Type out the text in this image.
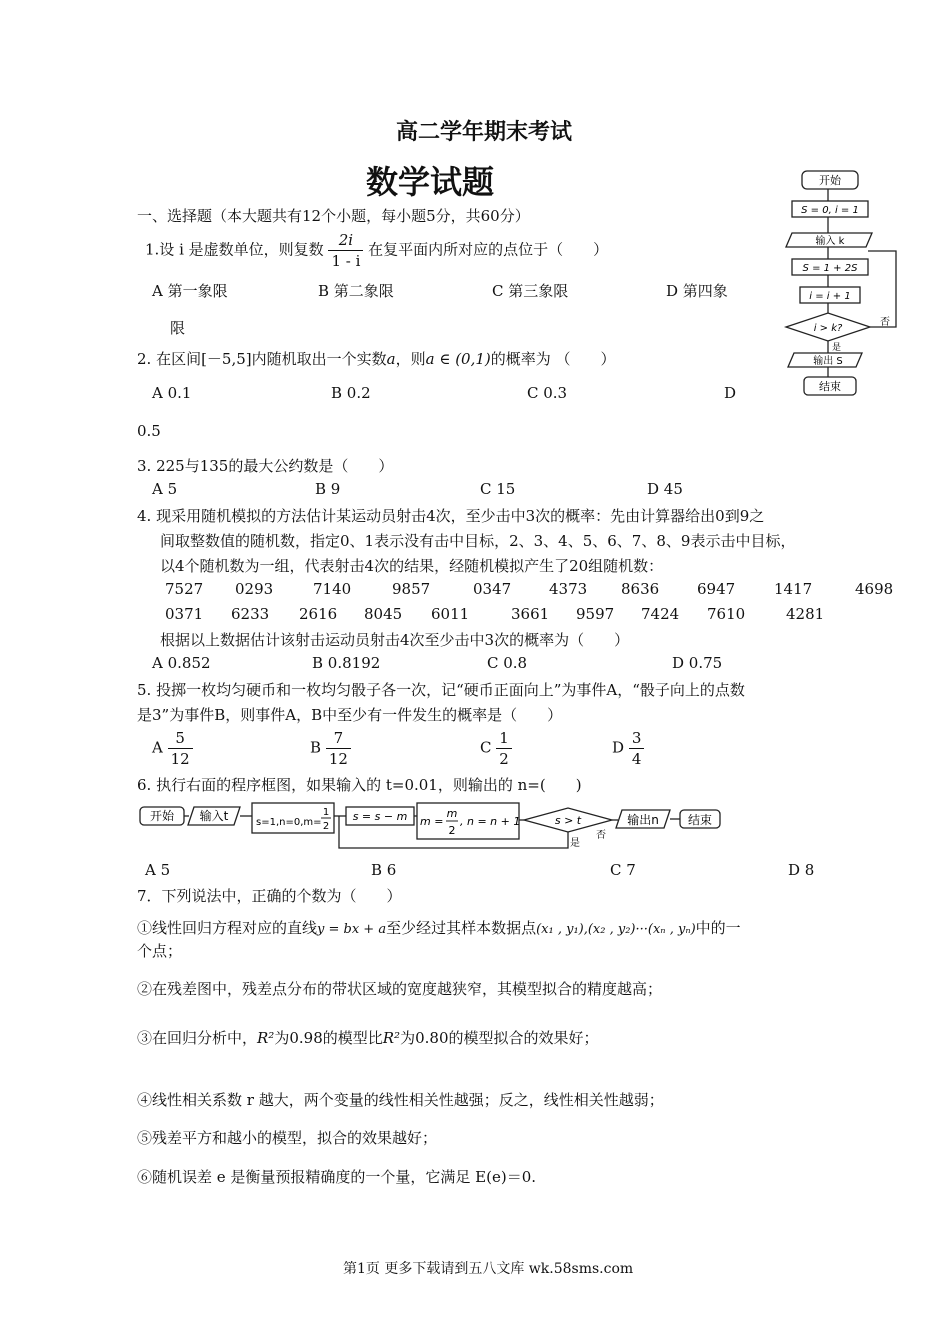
高二学年期末考试
数学试题
一、选择题（本大题共有12个小题，每小题5分，共60分）
1.设 i 是虚数单位，则复数 $\frac{2i}{1 - i}$ 在复平面内所对应的点位于（　　）
A 第一象限	B 第二象限	C 第三象限	D 第四象
限
2. 在区间[－5,5]内随机取出一个实数a，则a ∈ (0,1)的概率为 （　　）
A 0.1	B 0.2	C 0.3	D
0.5
3. 225与135的最大公约数是（　　）
A 5	B 9	C 15	D 45
4. 现采用随机模拟的方法估计某运动员射击4次，至少击中3次的概率：先由计算器给出0到9之
间取整数值的随机数，指定0、1表示没有击中目标，2、3、4、5、6、7、8、9表示击中目标，
以4个随机数为一组，代表射击4次的结果，经随机模拟产生了20组随机数：
7527 0293	7140	9857	0347	4373 8636	6947	1417	4698
0371 6233 2616 8045 6011	3661 9597 7424 7610	4281
根据以上数据估计该射击运动员射击4次至少击中3次的概率为（　　）
A 0.852	B 0.8192	C 0.8	D 0.75
5. 投掷一枚均匀硬币和一枚均匀骰子各一次，记“硬币正面向上”为事件A，“骰子向上的点数
是3”为事件B，则事件A，B中至少有一件发生的概率是（　　）
A $\frac{5}{12}$	B $\frac{7}{12}$	C $\frac{1}{2}$	D $\frac{3}{4}$
6. 执行右面的程序框图，如果输入的 t=0.01，则输出的 n=(　　)
开始 输入t	s=1,n=0,m=
1
2
s = s − m m =
m
2
, n = n + 1	s > t
否
是
输出n 结束
A 5	B 6	C 7	D 8
7．下列说法中，正确的个数为（　　）
①线性回归方程对应的直线y = bx + a至少经过其样本数据点(x₁ , y₁),(x₂ , y₂)···(xₙ , yₙ)中的一
个点；
②在残差图中，残差点分布的带状区域的宽度越狭窄，其模型拟合的精度越高；
③在回归分析中，R²为0.98的模型比R²为0.80的模型拟合的效果好；
④线性相关系数 r 越大，两个变量的线性相关性越强；反之，线性相关性越弱；
⑤残差平方和越小的模型，拟合的效果越好；
⑥随机误差 e 是衡量预报精确度的一个量，它满足 E(e)＝0.
开始
S = 0, i = 1
输入 k
S = 1 + 2S
i = i + 1
i > k?
是
否
输出 S
结束
第1页 更多下载请到五八文库 wk.58sms.com
